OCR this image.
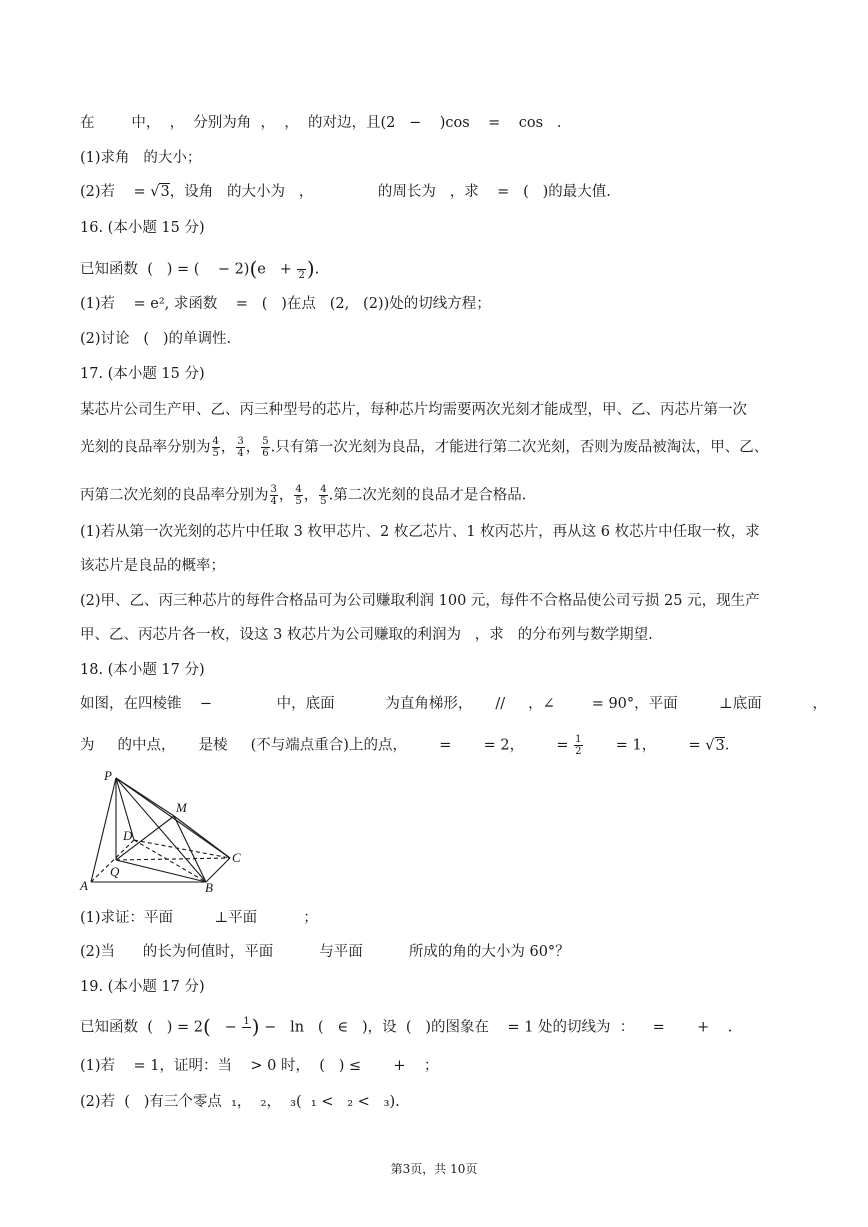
在        中，  ，  分别为角  ，  ，  的对边，且(2   −    )cos    =    cos   .
(1)求角   的大小；
(2)若    = √3，设角   的大小为   ，              的周长为   ，求    =   (   )的最大值.
16. (本小题 15 分)
已知函数  (   ) = (    − 2)(e   +
2 ).
(1)若    = e², 求函数    =   (   )在点   (2,   (2))处的切线方程；
(2)讨论   (   )的单调性.
17. (本小题 15 分)
某芯片公司生产甲、乙、丙三种型号的芯片，每种芯片均需要两次光刻才能成型，甲、乙、丙芯片第一次
光刻的良品率分别为 $\frac{4}{5}$ ， $\frac{3}{4}$ ， $\frac{5}{6}$ .只有第一次光刻为良品，才能进行第二次光刻，否则为废品被淘汰，甲、乙、
丙第二次光刻的良品率分别为 $\frac{3}{4}$ ， $\frac{4}{5}$ ， $\frac{4}{5}$ .第二次光刻的良品才是合格品.
(1)若从第一次光刻的芯片中任取 3 枚甲芯片、2 枚乙芯片、1 枚丙芯片，再从这 6 枚芯片中任取一枚，求
该芯片是良品的概率；
(2)甲、乙、丙三种芯片的每件合格品可为公司赚取利润 100 元，每件不合格品使公司亏损 25 元，现生产
甲、乙、丙芯片各一枚，设这 3 枚芯片为公司赚取的利润为   ，求   的分布列与数学期望.
18. (本小题 17 分)
如图，在四棱锥    −              中，底面           为直角梯形，     //     ，∠        = 90°，平面         ⊥底面           ，
为     的中点，     是棱     (不与端点重合)上的点，       =       = 2，       = $\frac{1}{2} = 1$，       = √3.
P
M
D
C
Q
A	B
(1)求证：平面         ⊥平面          ；
(2)当      的长为何值时，平面          与平面          所成的角的大小为 60°？
19. (本小题 17 分)
已知函数  (   ) = 2(   − 1
) −   ln   (   ∈   )，设  (   )的图象在    = 1 处的切线为  ：    =       +    .
(1)若    = 1，证明：当    > 0 时，  (   ) ≤       +    ；
(2)若  (   )有三个零点  ₁，  ₂，  ₃(  ₁ <   ₂ <   ₃).
第3页，共 10页
